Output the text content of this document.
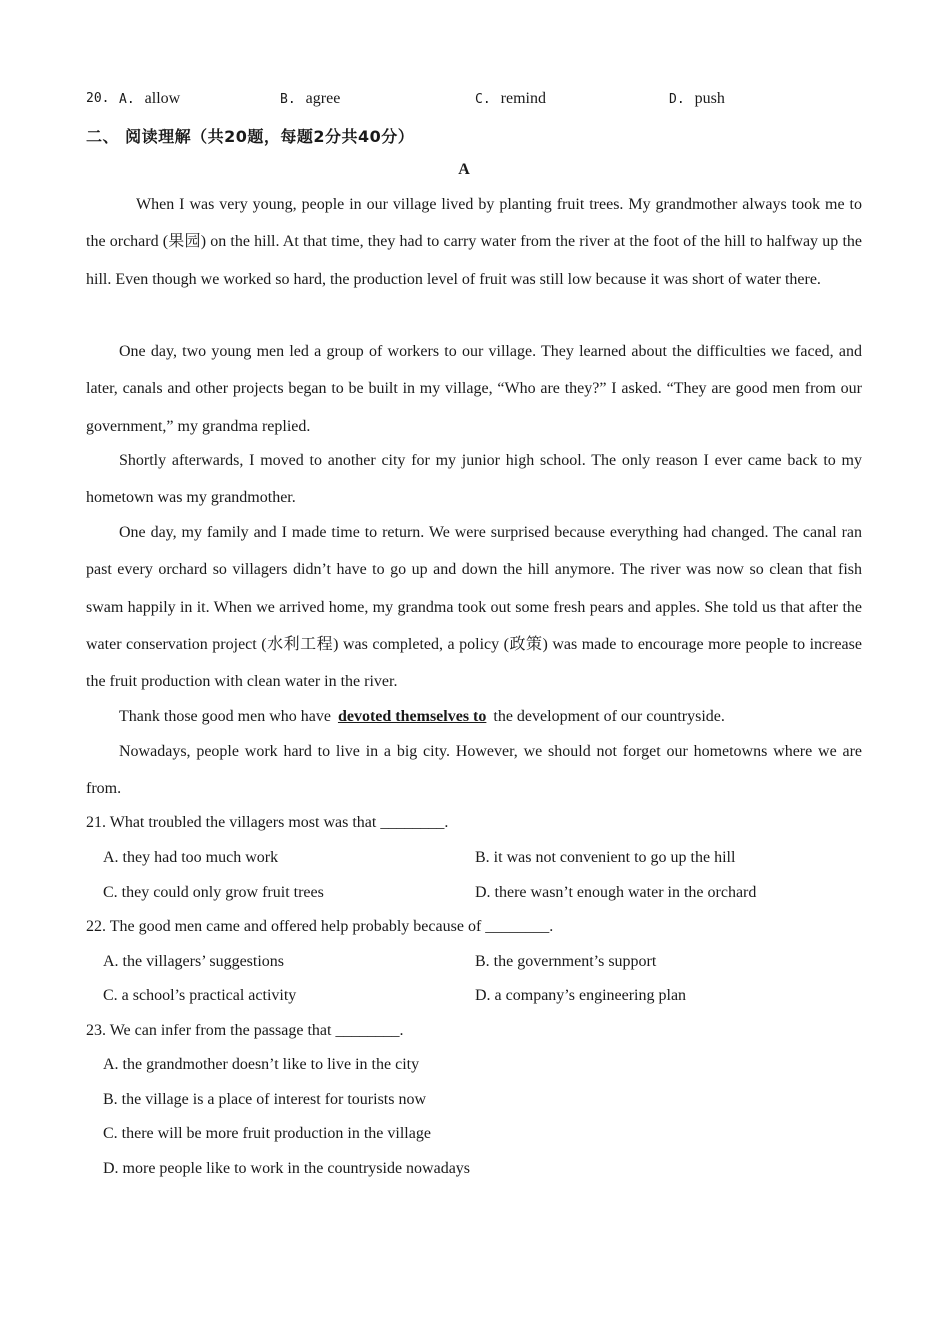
20. A. allow	B. agree	C. remind	D. push
二、 阅读理解（共20题，每题2分共40分）
A

When I was very young, people in our village lived by planting fruit trees. My grandmother always took me to the orchard (果园) on the hill. At that time, they had to carry water from the river at the foot of the hill to halfway up the hill. Even though we worked so hard, the production level of fruit was still low because it was short of water there.

One day, two young men led a group of workers to our village. They learned about the difficulties we faced, and later, canals and other projects began to be built in my village, “Who are they?” I asked. “They are good men from our government,” my grandma replied.

Shortly afterwards, I moved to another city for my junior high school. The only reason I ever came back to my hometown was my grandmother.

One day, my family and I made time to return. We were surprised because everything had changed. The canal ran past every orchard so villagers didn’t have to go up and down the hill anymore. The river was now so clean that fish swam happily in it. When we arrived home, my grandma took out some fresh pears and apples. She told us that after the water conservation project (水利工程) was completed, a policy (政策) was made to encourage more people to increase the fruit production with clean water in the river.

Thank those good men who have devoted themselves to the development of our countryside.

Nowadays, people work hard to live in a big city. However, we should not forget our hometowns where we are from.

21. What troubled the villagers most was that ________.
A. they had too much work	B. it was not convenient to go up the hill
C. they could only grow fruit trees	D. there wasn’t enough water in the orchard
22. The good men came and offered help probably because of ________.
A. the villagers’ suggestions	B. the government’s support
C. a school’s practical activity	D. a company’s engineering plan
23. We can infer from the passage that ________.
A. the grandmother doesn’t like to live in the city
B. the village is a place of interest for tourists now
C. there will be more fruit production in the village
D. more people like to work in the countryside nowadays
